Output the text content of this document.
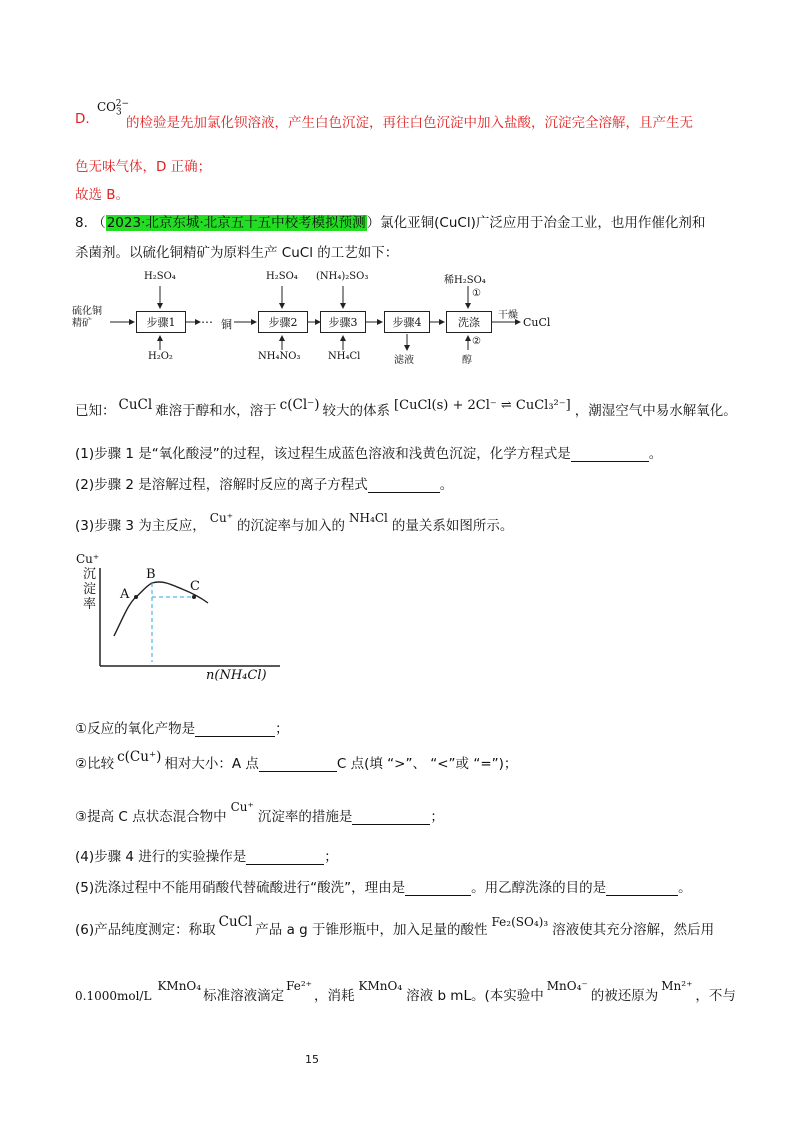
D.
$CO_3^{2-}$
的检验是先加氯化钡溶液，产生白色沉淀，再往白色沉淀中加入盐酸，沉淀完全溶解，且产生无
色无味气体，D 正确；
故选 B。
8. （2023·北京东城·北京五十五中校考模拟预测）氯化亚铜(CuCl)广泛应用于冶金工业，也用作催化剂和
杀菌剂。以硫化铜精矿为原料生产 CuCl 的工艺如下：
硫化铜
精矿	步骤1
H₂SO₄
H₂O₂
⋯ 铜	步骤2
H₂SO₄
NH₄NO₃
步骤3
(NH₄)₂SO₃
NH₄Cl
步骤4
滤液
洗涤
稀H₂SO₄
①
醇
②
干燥
CuCl
已知： CuCl 难溶于醇和水，溶于 c(Cl⁻) 较大的体系 [CuCl(s) + 2Cl⁻ ⇌ CuCl₃²⁻] ，潮湿空气中易水解氧化。
(1)步骤 1 是“氧化酸浸”的过程，该过程生成蓝色溶液和浅黄色沉淀，化学方程式是	。
(2)步骤 2 是溶解过程，溶解时反应的离子方程式	。
(3)步骤 3 为主反应， Cu⁺ 的沉淀率与加入的 NH₄Cl 的量关系如图所示。
Cu⁺
沉
淀
率
A
B
C
n(NH₄Cl)
①反应的氧化产物是	；
②比较 c(Cu⁺) 相对大小：A 点	C 点(填 “>”、 “<”或 “=”)；
③提高 C 点状态混合物中Cu⁺沉淀率的措施是	；
(4)步骤 4 进行的实验操作是	；
(5)洗涤过程中不能用硝酸代替硫酸进行“酸洗”，理由是	。用乙醇洗涤的目的是	。
(6)产品纯度测定：称取 CuCl 产品 a g 于锥形瓶中，加入足量的酸性 Fe₂(SO₄)₃ 溶液使其充分溶解，然后用
0.1000mol/LKMnO₄标准溶液滴定Fe²⁺，消耗KMnO₄溶液 b mL。(本实验中MnO₄⁻的被还原为Mn²⁺，不与
15
